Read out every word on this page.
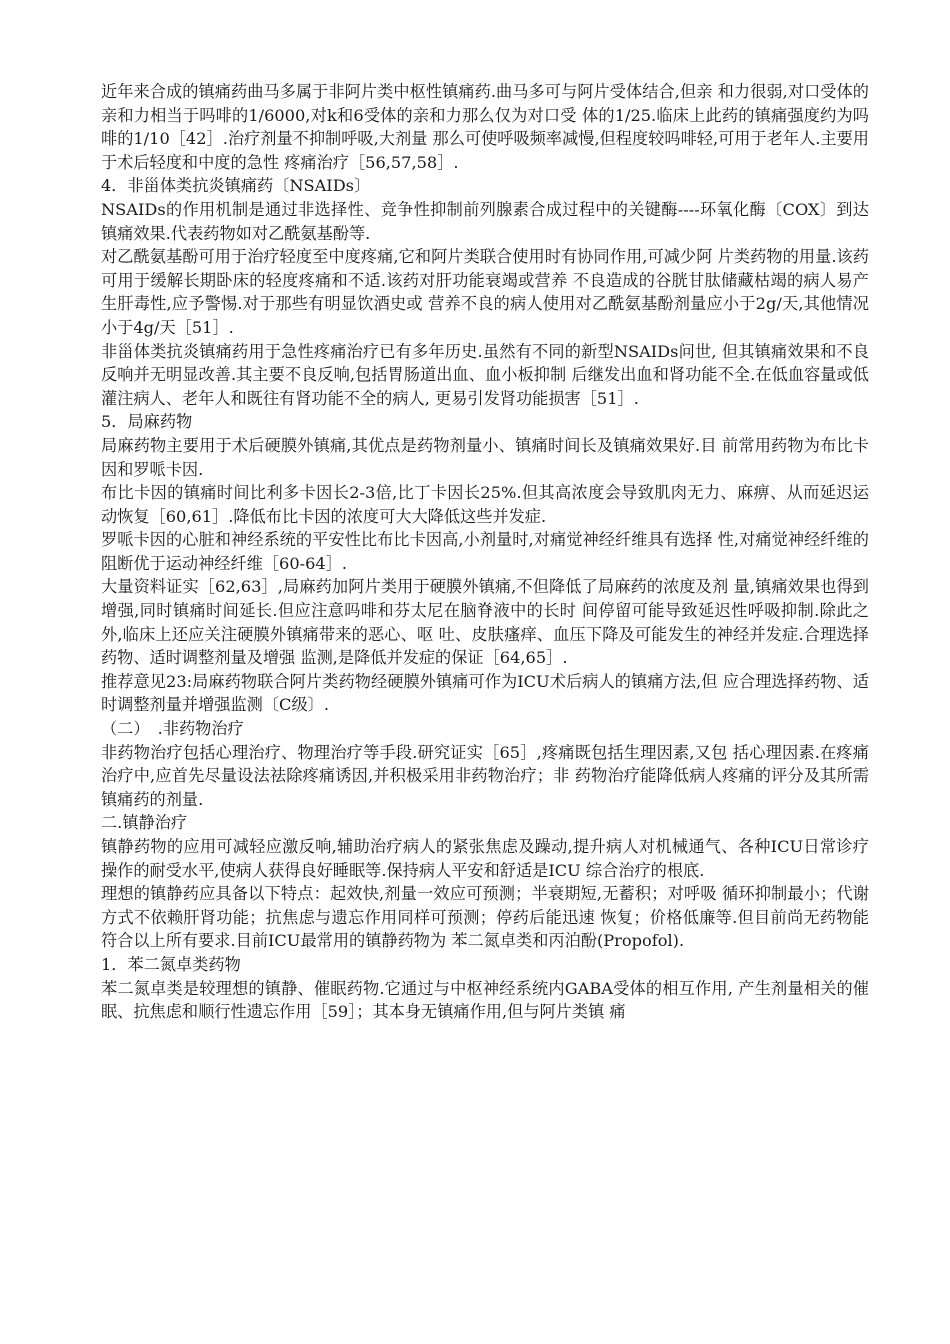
近年来合成的镇痛药曲马多属于非阿片类中枢性镇痛药.曲马多可与阿片受体结合,但亲 和力很弱,对口受体的亲和力相当于吗啡的1/6000,对k和6受体的亲和力那么仅为对口受 体的1/25.临床上此药的镇痛强度约为吗啡的1/10［42］.治疗剂量不抑制呼吸,大剂量 那么可使呼吸频率减慢,但程度较吗啡轻,可用于老年人.主要用于术后轻度和中度的急性 疼痛治疗［56,57,58］.

4．非甾体类抗炎镇痛药〔NSAIDs〕

NSAIDs的作用机制是通过非选择性、竞争性抑制前列腺素合成过程中的关键酶----环氧化酶〔COX〕到达镇痛效果.代表药物如对乙酰氨基酚等.

对乙酰氨基酚可用于治疗轻度至中度疼痛,它和阿片类联合使用时有协同作用,可减少阿 片类药物的用量.该药可用于缓解长期卧床的轻度疼痛和不适.该药对肝功能衰竭或营养 不良造成的谷胱甘肽储藏枯竭的病人易产生肝毒性,应予警惕.对于那些有明显饮酒史或 营养不良的病人使用对乙酰氨基酚剂量应小于2g/天,其他情况小于4g/天［51］.

非甾体类抗炎镇痛药用于急性疼痛治疗已有多年历史.虽然有不同的新型NSAIDs问世, 但其镇痛效果和不良反响并无明显改善.其主要不良反响,包括胃肠道出血、血小板抑制 后继发出血和肾功能不全.在低血容量或低灌注病人、老年人和既往有肾功能不全的病人, 更易引发肾功能损害［51］.

5．局麻药物

局麻药物主要用于术后硬膜外镇痛,其优点是药物剂量小、镇痛时间长及镇痛效果好.目 前常用药物为布比卡因和罗哌卡因.

布比卡因的镇痛时间比利多卡因长2-3倍,比丁卡因长25%.但其高浓度会导致肌肉无力、麻痹、从而延迟运动恢复［60,61］.降低布比卡因的浓度可大大降低这些并发症.

罗哌卡因的心脏和神经系统的平安性比布比卡因高,小剂量时,对痛觉神经纤维具有选择 性,对痛觉神经纤维的阻断优于运动神经纤维［60-64］.

大量资料证实［62,63］,局麻药加阿片类用于硬膜外镇痛,不但降低了局麻药的浓度及剂 量,镇痛效果也得到增强,同时镇痛时间延长.但应注意吗啡和芬太尼在脑脊液中的长时 间停留可能导致延迟性呼吸抑制.除此之外,临床上还应关注硬膜外镇痛带来的恶心、呕 吐、皮肤瘙痒、血压下降及可能发生的神经并发症.合理选择药物、适时调整剂量及增强 监测,是降低并发症的保证［64,65］.

推荐意见23:局麻药物联合阿片类药物经硬膜外镇痛可作为ICU术后病人的镇痛方法,但 应合理选择药物、适时调整剂量并增强监测〔C级〕.

（二）　.非药物治疗

非药物治疗包括心理治疗、物理治疗等手段.研究证实［65］,疼痛既包括生理因素,又包 括心理因素.在疼痛治疗中,应首先尽量设法祛除疼痛诱因,并积极采用非药物治疗；非 药物治疗能降低病人疼痛的评分及其所需镇痛药的剂量.

二.镇静治疗

镇静药物的应用可减轻应激反响,辅助治疗病人的紧张焦虑及躁动,提升病人对机械通气、各种ICU日常诊疗操作的耐受水平,使病人获得良好睡眠等.保持病人平安和舒适是ICU 综合治疗的根底.

理想的镇静药应具备以下特点：起效快,剂量一效应可预测；半衰期短,无蓄积；对呼吸 循环抑制最小；代谢方式不依赖肝肾功能；抗焦虑与遗忘作用同样可预测；停药后能迅速 恢复；价格低廉等.但目前尚无药物能符合以上所有要求.目前ICU最常用的镇静药物为 苯二氮卓类和丙泊酚(Propofol).

1．苯二氮卓类药物

苯二氮卓类是较理想的镇静、催眠药物.它通过与中枢神经系统内GABA受体的相互作用, 产生剂量相关的催眠、抗焦虑和顺行性遗忘作用［59］；其本身无镇痛作用,但与阿片类镇 痛
